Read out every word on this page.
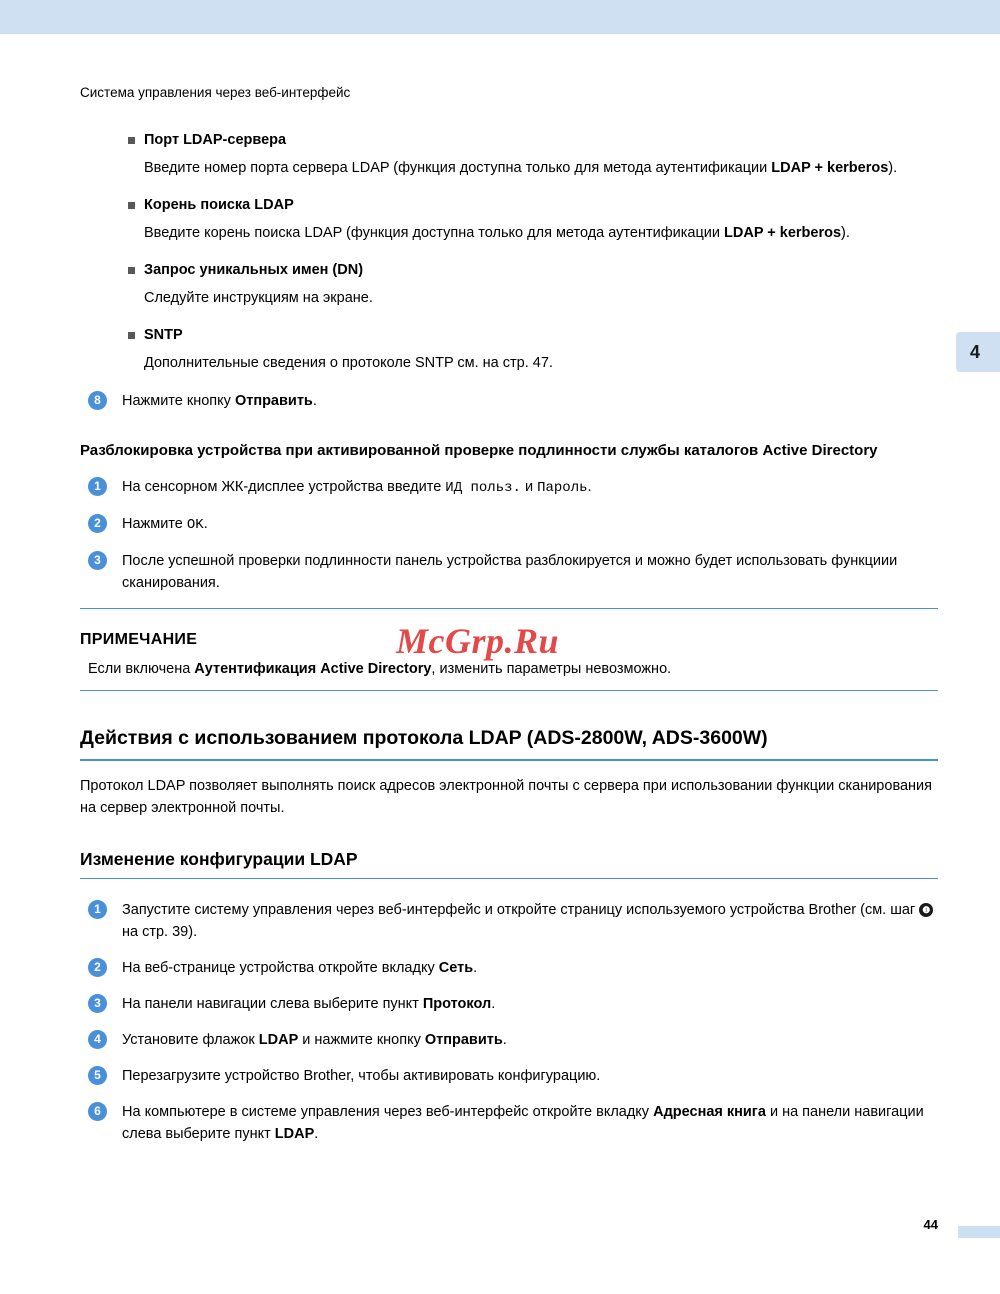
Система управления через веб-интерфейс
4
Порт LDAP-сервера
Введите номер порта сервера LDAP (функция доступна только для метода аутентификации LDAP + kerberos).
Корень поиска LDAP
Введите корень поиска LDAP (функция доступна только для метода аутентификации LDAP + kerberos).
Запрос уникальных имен (DN)
Следуйте инструкциям на экране.
SNTP
Дополнительные сведения о протоколе SNTP см. на стр. 47.
8	Нажмите кнопку Отправить.
Разблокировка устройства при активированной проверке подлинности службы каталогов Active Directory
1	На сенсорном ЖК-дисплее устройства введите ИД польз. и Пароль.
2	Нажмите OK.
3	После успешной проверки подлинности панель устройства разблокируется и можно будет использовать функциии сканирования.
ПРИМЕЧАНИЕ
Если включена Аутентификация Active Directory, изменить параметры невозможно.
Действия с использованием протокола LDAP (ADS-2800W, ADS-3600W)
Протокол LDAP позволяет выполнять поиск адресов электронной почты с сервера при использовании функции сканирования на сервер электронной почты.
Изменение конфигурации LDAP
1	Запустите систему управления через веб-интерфейс и откройте страницу используемого устройства Brother (см. шаг ❶ на стр. 39).
2	На веб-странице устройства откройте вкладку Сеть.
3	На панели навигации слева выберите пункт Протокол.
4	Установите флажок LDAP и нажмите кнопку Отправить.
5	Перезагрузите устройство Brother, чтобы активировать конфигурацию.
6	На компьютере в системе управления через веб-интерфейс откройте вкладку Адресная книга и на панели навигации слева выберите пункт LDAP.
McGrp.Ru
44
